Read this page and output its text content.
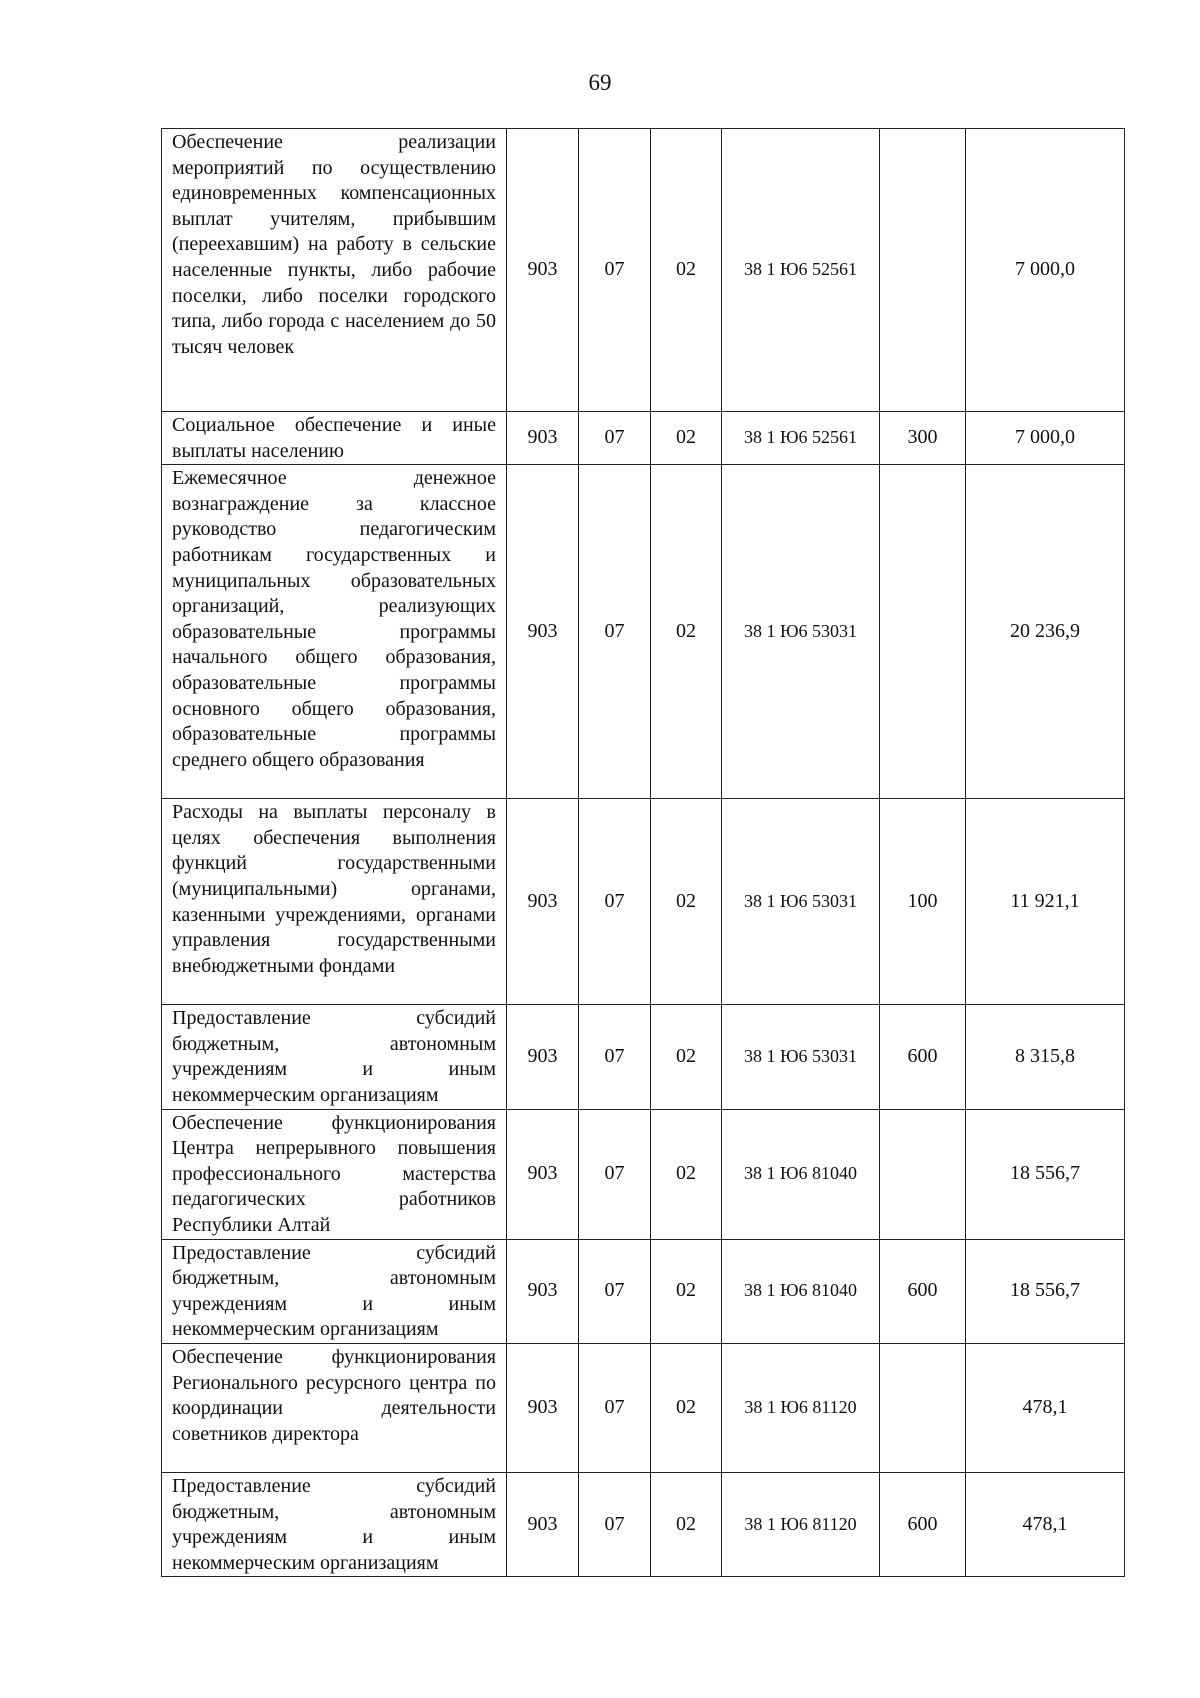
69
Обеспечение реализации мероприятий по осуществлению единовременных компенсационных выплат учителям, прибывшим (переехавшим) на работу в сельские населенные пункты, либо рабочие поселки, либо поселки городского типа, либо города с населением до 50 тысяч человек	903	07	02	38 1 Ю6 52561		7 000,0
Социальное обеспечение и иные выплаты населению	903	07	02	38 1 Ю6 52561	300	7 000,0
Ежемесячное денежное вознаграждение за классное руководство педагогическим работникам государственных и муниципальных образовательных организаций, реализующих образовательные программы начального общего образования, образовательные программы основного общего образования, образовательные программы среднего общего образования	903	07	02	38 1 Ю6 53031		20 236,9
Расходы на выплаты персоналу в целях обеспечения выполнения функций государственными (муниципальными) органами, казенными учреждениями, органами управления государственными внебюджетными фондами	903	07	02	38 1 Ю6 53031	100	11 921,1
Предоставление субсидий бюджетным, автономным учреждениям и иным некоммерческим организациям	903	07	02	38 1 Ю6 53031	600	8 315,8
Обеспечение функционирования Центра непрерывного повышения профессионального мастерства педагогических работников Республики Алтай	903	07	02	38 1 Ю6 81040		18 556,7
Предоставление субсидий бюджетным, автономным учреждениям и иным некоммерческим организациям	903	07	02	38 1 Ю6 81040	600	18 556,7
Обеспечение функционирования Регионального ресурсного центра по координации деятельности советников директора	903	07	02	38 1 Ю6 81120		478,1
Предоставление субсидий бюджетным, автономным учреждениям и иным некоммерческим организациям	903	07	02	38 1 Ю6 81120	600	478,1
